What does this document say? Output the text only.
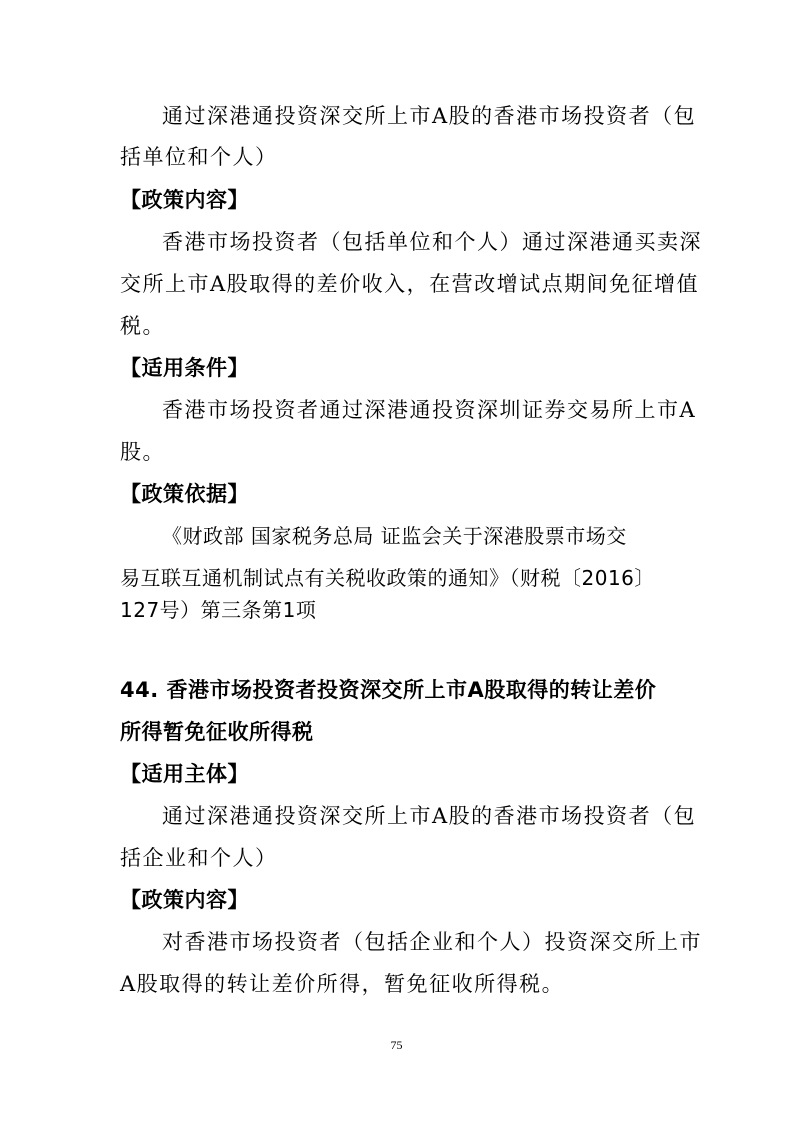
通过深港通投资深交所上市A股的香港市场投资者（包
括单位和个人）
【政策内容】
香港市场投资者（包括单位和个人）通过深港通买卖深
交所上市A股取得的差价收入，在营改增试点期间免征增值
税。
【适用条件】
香港市场投资者通过深港通投资深圳证券交易所上市A
股。
【政策依据】
《财政部 国家税务总局 证监会关于深港股票市场交
易互联互通机制试点有关税收政策的通知》（财税〔2016〕
127号）第三条第1项
44. 香港市场投资者投资深交所上市A股取得的转让差价
所得暂免征收所得税
【适用主体】
通过深港通投资深交所上市A股的香港市场投资者（包
括企业和个人）
【政策内容】
对香港市场投资者（包括企业和个人）投资深交所上市
A股取得的转让差价所得，暂免征收所得税。
75
